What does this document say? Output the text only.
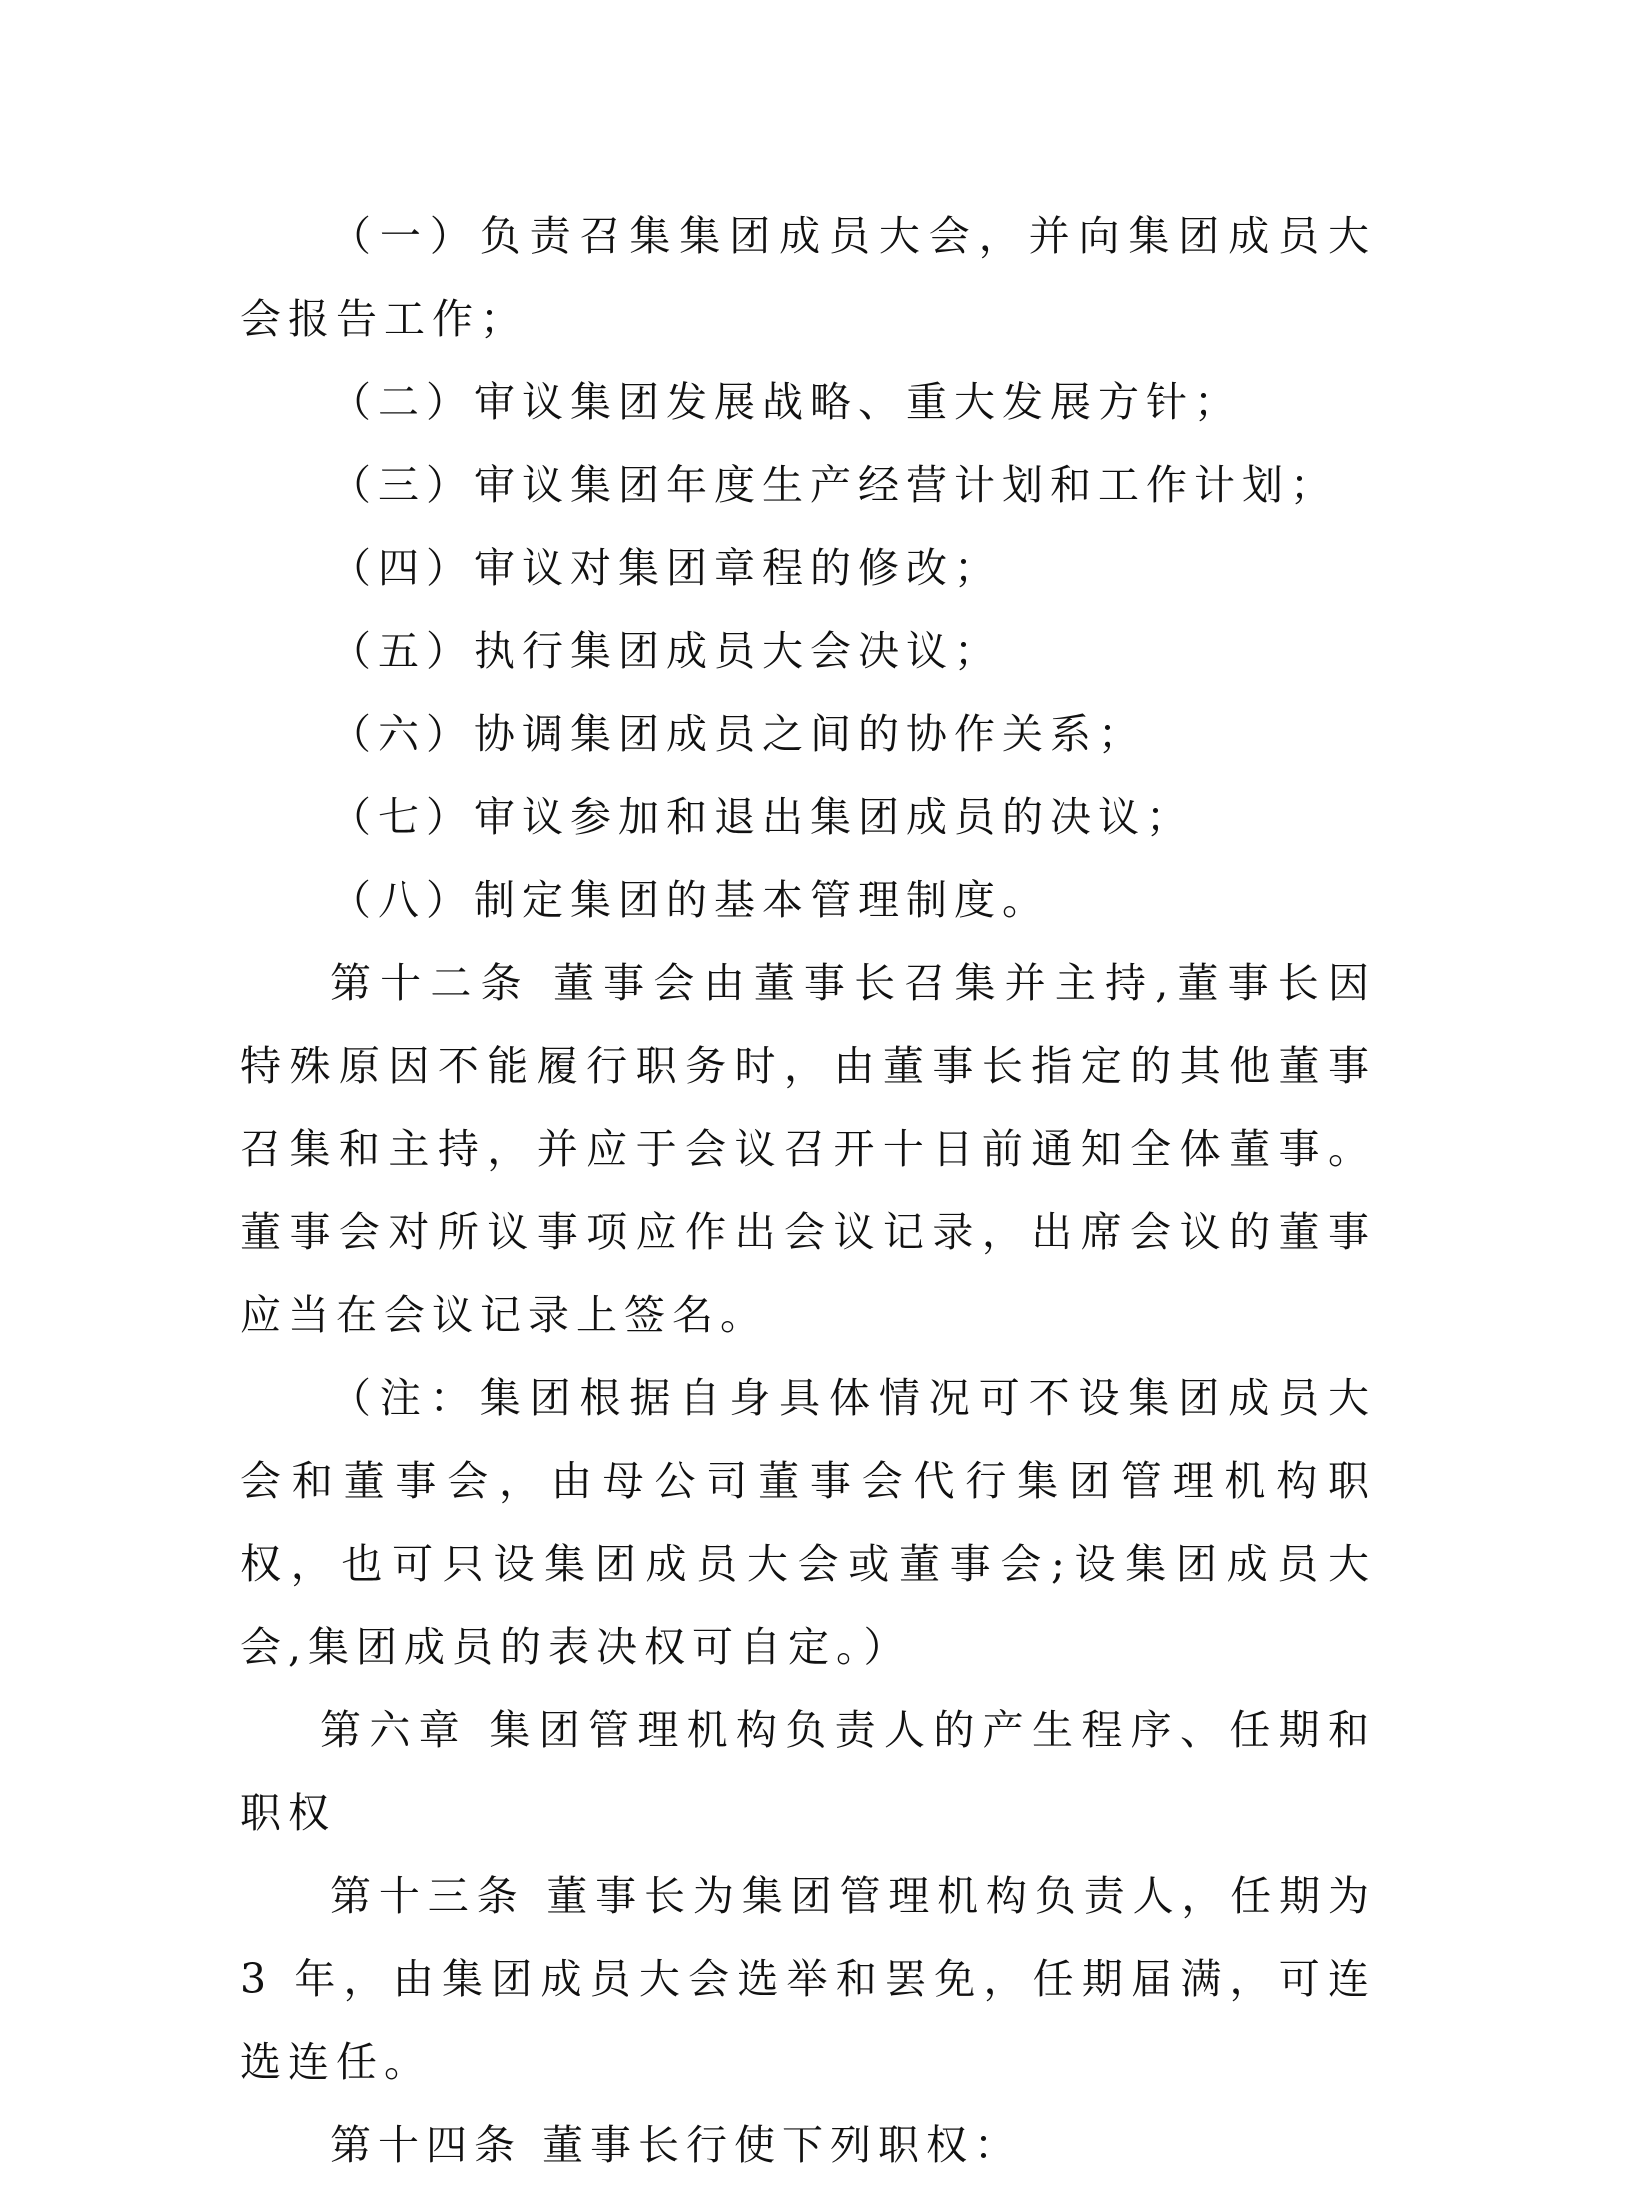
（一）负责召集集团成员大会，并向集团成员大会报告工作；

（二）审议集团发展战略、重大发展方针；

（三）审议集团年度生产经营计划和工作计划；

（四）审议对集团章程的修改；

（五）执行集团成员大会决议；

（六）协调集团成员之间的协作关系；

（七）审议参加和退出集团成员的决议；

（八）制定集团的基本管理制度。

第十二条 董事会由董事长召集并主持,董事长因特殊原因不能履行职务时，由董事长指定的其他董事召集和主持，并应于会议召开十日前通知全体董事。董事会对所议事项应作出会议记录，出席会议的董事应当在会议记录上签名。

（注：集团根据自身具体情况可不设集团成员大会和董事会，由母公司董事会代行集团管理机构职权，也可只设集团成员大会或董事会;设集团成员大会,集团成员的表决权可自定。）

第六章 集团管理机构负责人的产生程序、任期和职权

第十三条 董事长为集团管理机构负责人，任期为 3 年，由集团成员大会选举和罢免，任期届满，可连选连任。

第十四条 董事长行使下列职权：
